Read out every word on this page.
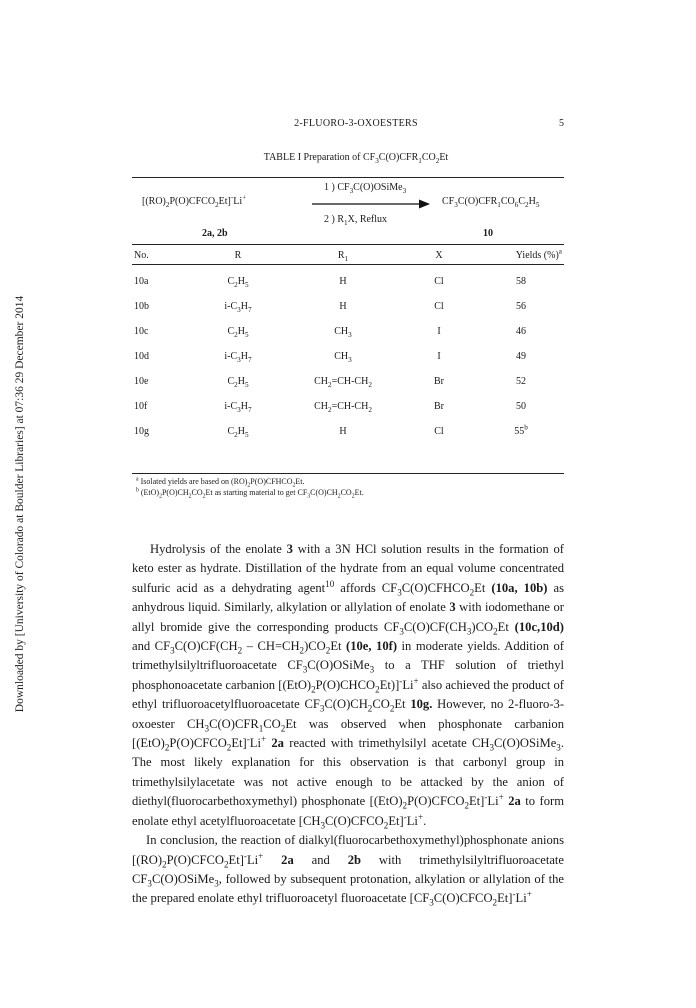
Downloaded by [University of Colorado at Boulder Libraries] at 07:36 29 December 2014
2-FLUORO-3-OXOESTERS	5
TABLE I Preparation of $CF_3C(O)CFR_1CO_2Et$
$[(RO)_2P(O)CFCO_2Et]^-Li^+$
1 ) $CF_3C(O)OSiMe_3$
2 ) $R_1X$, Reflux
$CF_3C(O)CFR_1CO_6C_2H_5$
2a, 2b	10
No.	R	$R_1$	X	Yields (%)$^a$
10a	$C_2H_5$	H	Cl	58
10b	$i-C_3H_7$	H	Cl	56
10c	$C_2H_5$	$CH_3$	I	46
10d	$i-C_3H_7$	$CH_3$	I	49
10e	$C_2H_5$	$CH_2=CH-CH_2$	Br	52
10f	$i-C_3H_7$	$CH_2=CH-CH_2$	Br	50
10g	$C_2H_5$	H	Cl	55$^b$
$^a$ Isolated yields are based on $(RO)_2P(O)CFHCO_2Et$.
$^b$ $(EtO)_2P(O)CH_2CO_2Et$ as starting material to get $CF_3C(O)CH_2CO_2Et$.

Hydrolysis of the enolate 3 with a 3N HCl solution results in the formation of keto ester as hydrate. Distillation of the hydrate from an equal volume concentrated sulfuric acid as a dehydrating agent$^{10}$ affords $CF_3C(O)CFHCO_2Et$ (10a, 10b) as anhydrous liquid. Similarly, alkylation or allylation of enolate 3 with iodomethane or allyl bromide give the corresponding products $CF_3C(O)CF(CH_3)CO_2Et$ (10c,10d) and $CF_3C(O)CF(CH_2 - CH=CH_2)CO_2Et$ (10e, 10f) in moderate yields. Addition of trimethylsilyltrifluoroacetate $CF_3C(O)OSiMe_3$ to a THF solution of triethyl phosphonoacetate carbanion $[(EtO)_2P(O)CHCO_2Et)]^-Li^+$ also achieved the product of ethyl trifluoroacetylfluoroacetate $CF_3C(O)CH_2CO_2Et$ 10g. However, no 2-fluoro-3-oxoester $CH_3C(O)CFR_1CO_2Et$ was observed when phosphonate carbanion $[(EtO)_2P(O)CFCO_2Et]^-Li^+$ 2a reacted with trimethylsilyl acetate $CH_3C(O)OSiMe_3$. The most likely explanation for this observation is that carbonyl group in trimethylsilylacetate was not active enough to be attacked by the anion of diethyl(fluorocarbethoxymethyl) phosphonate $[(EtO)_2P(O)CFCO_2Et]^-Li^+$ 2a to form enolate ethyl acetylfluoroacetate $[CH_3C(O)CFCO_2Et]^-Li^+$.

In conclusion, the reaction of dialkyl(fluorocarbethoxymethyl)phosphonate anions $[(RO)_2P(O)CFCO_2Et]^-Li^+$ 2a and 2b with trimethylsilyltrifluoroacetate $CF_3C(O)OSiMe_3$, followed by subsequent protonation, alkylation or allylation of the the prepared enolate ethyl trifluoroacetyl fluoroacetate $[CF_3C(O)CFCO_2Et]^-Li^+$
